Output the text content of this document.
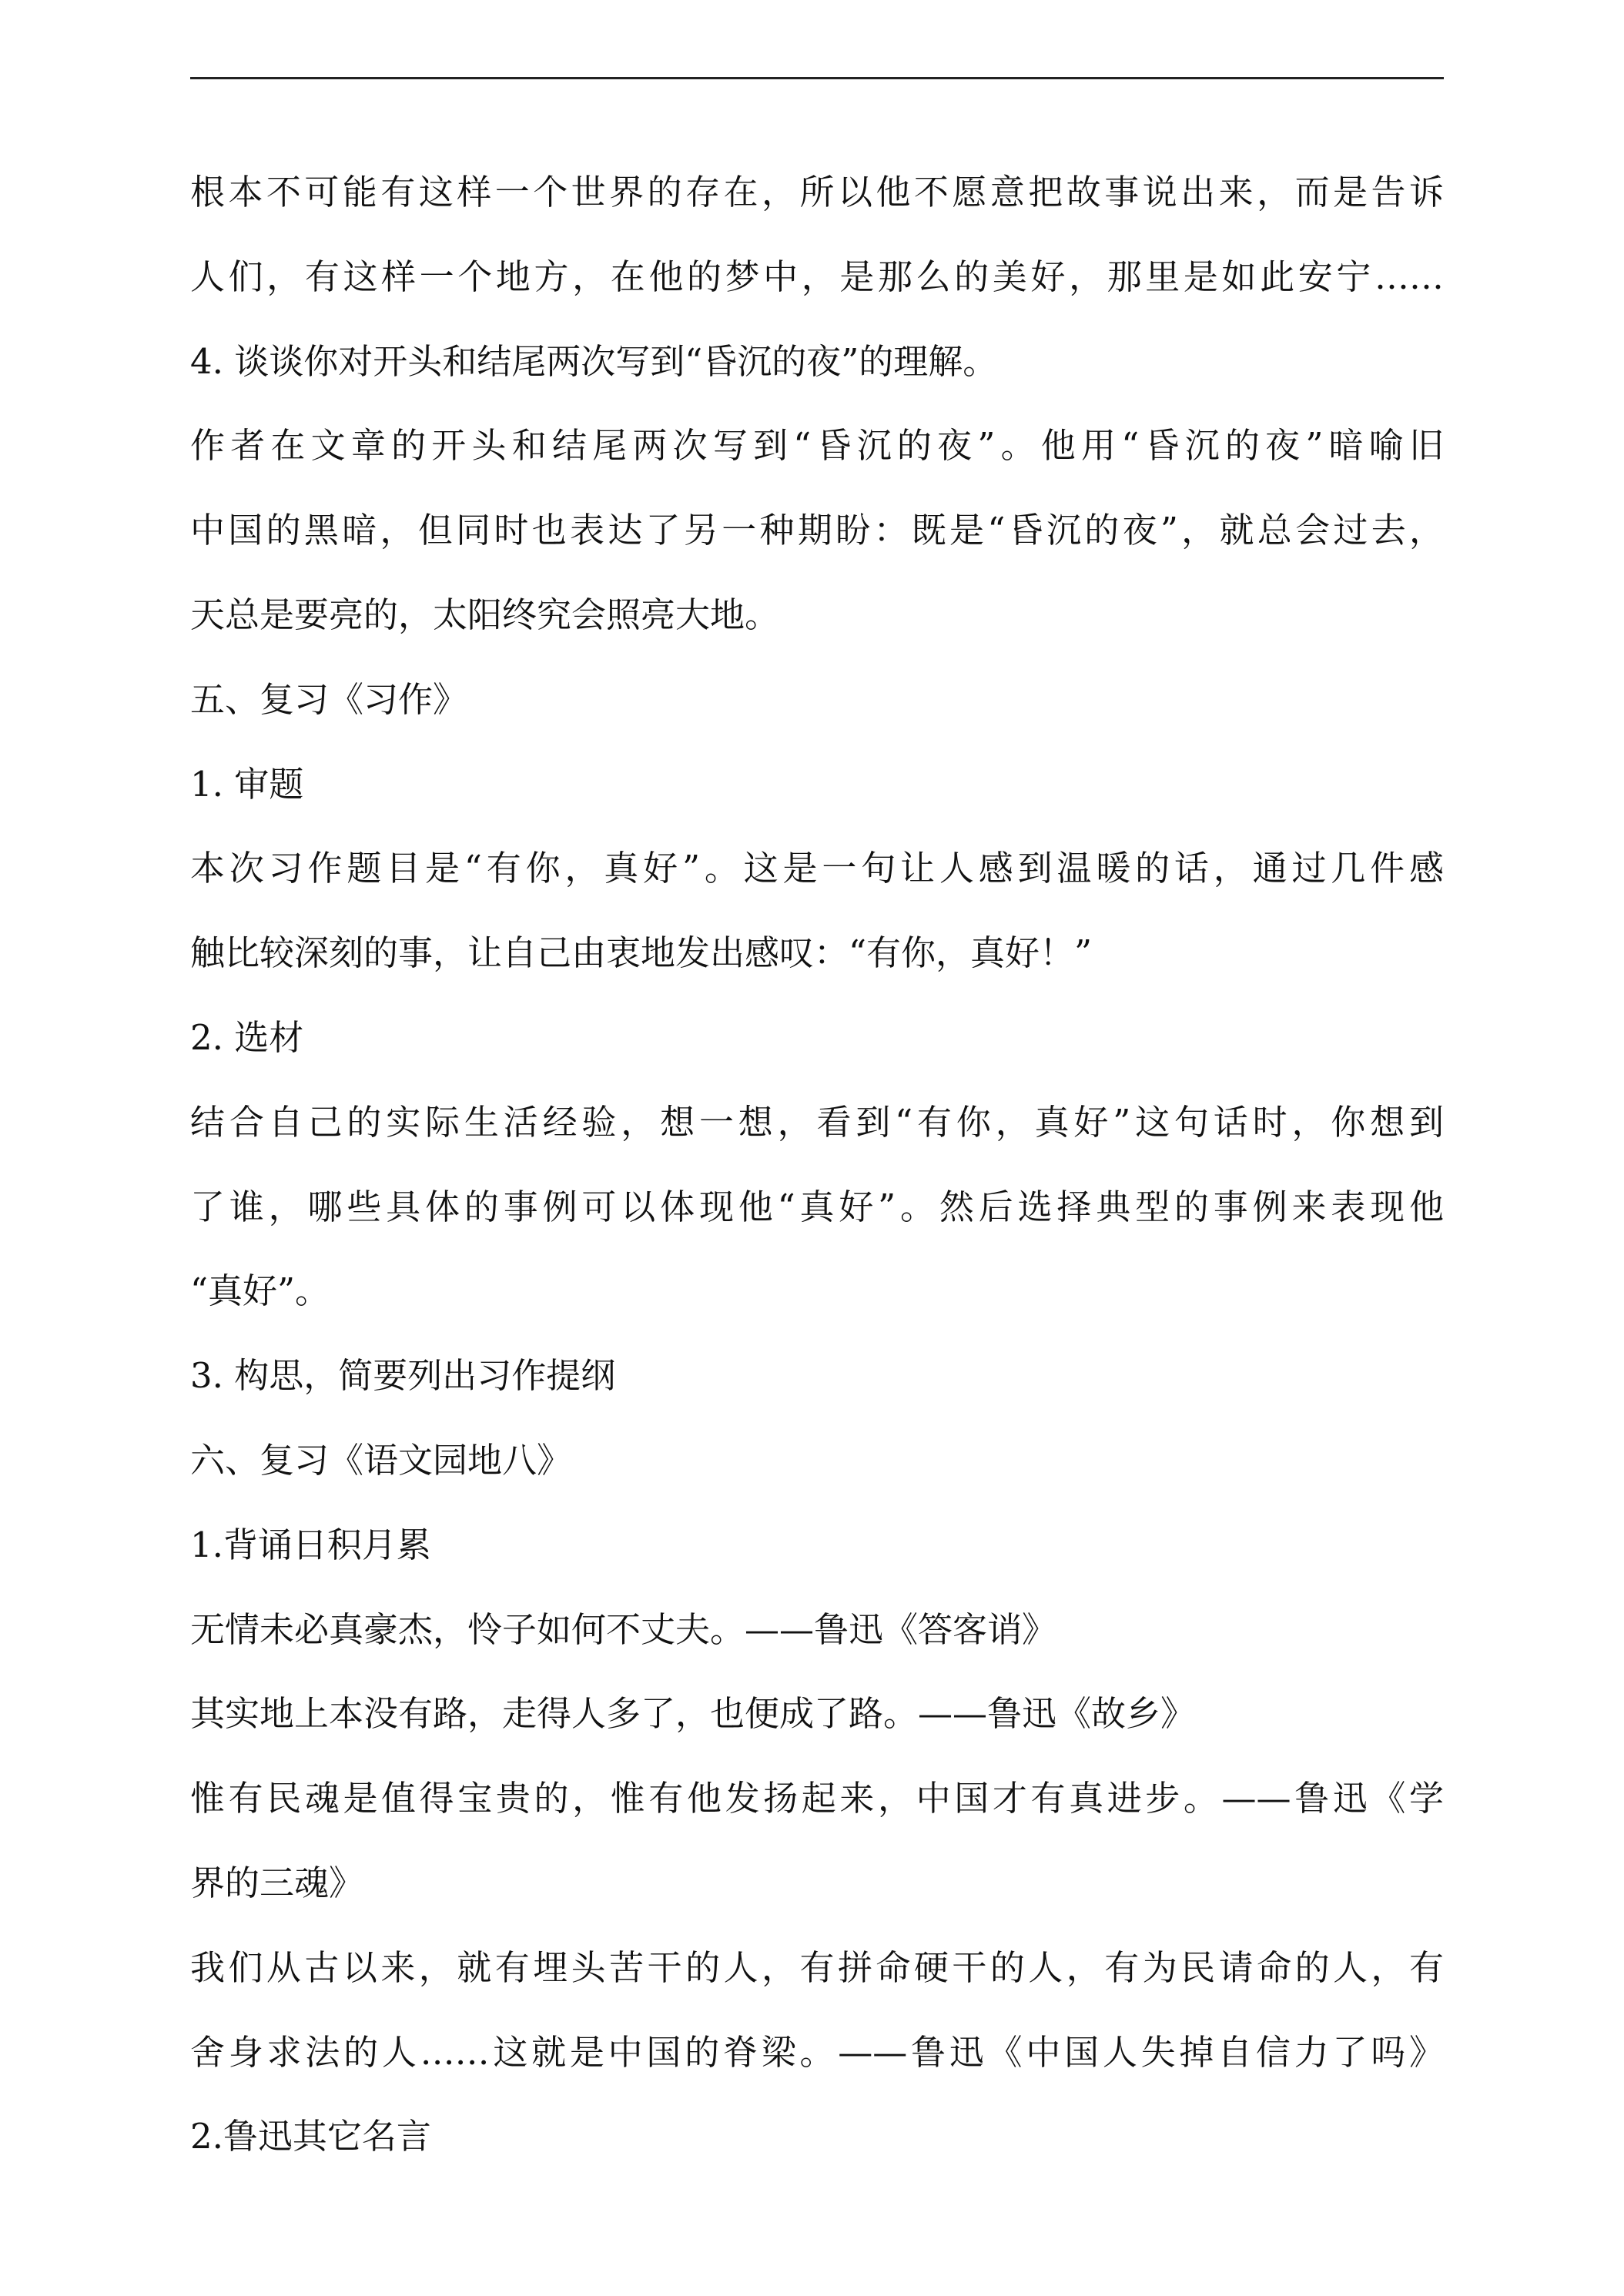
根本不可能有这样一个世界的存在，所以他不愿意把故事说出来，而是告诉
人们，有这样一个地方，在他的梦中，是那么的美好，那里是如此安宁……
4. 谈谈你对开头和结尾两次写到“昏沉的夜”的理解。
作者在文章的开头和结尾两次写到“昏沉的夜”。他用“昏沉的夜”暗喻旧
中国的黑暗，但同时也表达了另一种期盼：既是“昏沉的夜”，就总会过去，
天总是要亮的，太阳终究会照亮大地。
五、复习《习作》
1. 审题
本次习作题目是“有你，真好”。这是一句让人感到温暖的话，通过几件感
触比较深刻的事，让自己由衷地发出感叹：“有你，真好！”
2. 选材
结合自己的实际生活经验，想一想，看到“有你，真好”这句话时，你想到
了谁，哪些具体的事例可以体现他“真好”。然后选择典型的事例来表现他
“真好”。
3. 构思，简要列出习作提纲
六、复习《语文园地八》
1.背诵日积月累
无情未必真豪杰，怜子如何不丈夫。——鲁迅《答客诮》
其实地上本没有路，走得人多了，也便成了路。——鲁迅《故乡》
惟有民魂是值得宝贵的，惟有他发扬起来，中国才有真进步。——鲁迅《学
界的三魂》
我们从古以来，就有埋头苦干的人，有拼命硬干的人，有为民请命的人，有
舍身求法的人……这就是中国的脊梁。——鲁迅《中国人失掉自信力了吗》
2.鲁迅其它名言
